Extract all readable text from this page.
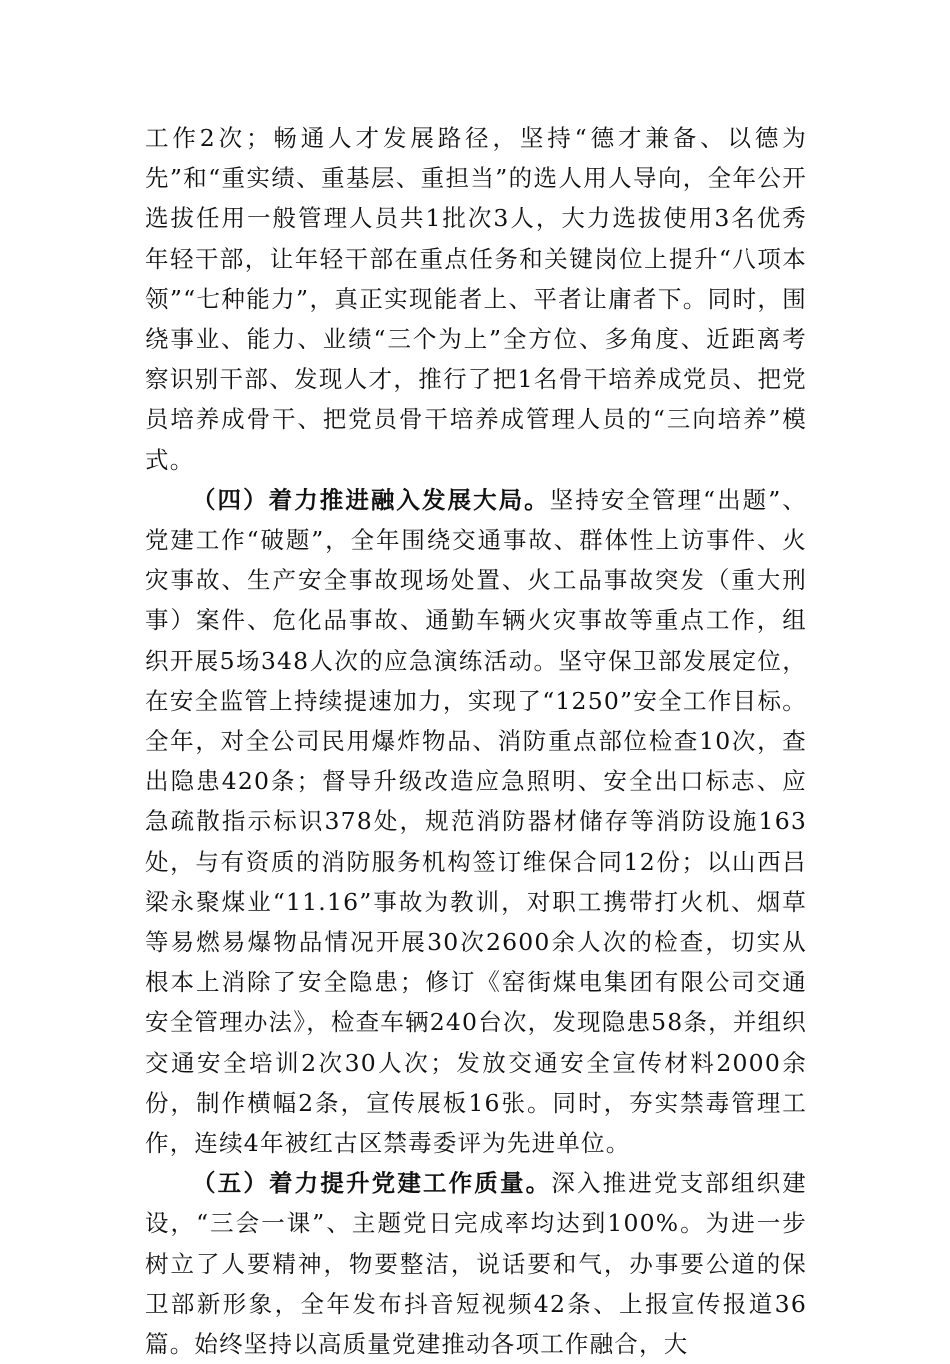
工作2次；畅通人才发展路径，坚持“德才兼备、以德为先”和“重实绩、重基层、重担当”的选人用人导向，全年公开选拔任用一般管理人员共1批次3人，大力选拔使用3名优秀年轻干部，让年轻干部在重点任务和关键岗位上提升“八项本领”“七种能力”，真正实现能者上、平者让庸者下。同时，围绕事业、能力、业绩“三个为上”全方位、多角度、近距离考察识别干部、发现人才，推行了把1名骨干培养成党员、把党员培养成骨干、把党员骨干培养成管理人员的“三向培养”模式。

（四）着力推进融入发展大局。坚持安全管理“出题”、党建工作“破题”，全年围绕交通事故、群体性上访事件、火灾事故、生产安全事故现场处置、火工品事故突发（重大刑事）案件、危化品事故、通勤车辆火灾事故等重点工作，组织开展5场348人次的应急演练活动。坚守保卫部发展定位，在安全监管上持续提速加力，实现了“1250”安全工作目标。全年，对全公司民用爆炸物品、消防重点部位检查10次，查出隐患420条；督导升级改造应急照明、安全出口标志、应急疏散指示标识378处，规范消防器材储存等消防设施163处，与有资质的消防服务机构签订维保合同12份；以山西吕梁永聚煤业“11.16”事故为教训，对职工携带打火机、烟草等易燃易爆物品情况开展30次2600余人次的检查，切实从根本上消除了安全隐患；修订《窑街煤电集团有限公司交通安全管理办法》，检查车辆240台次，发现隐患58条，并组织交通安全培训2次30人次；发放交通安全宣传材料2000余份，制作横幅2条，宣传展板16张。同时，夯实禁毒管理工作，连续4年被红古区禁毒委评为先进单位。

（五）着力提升党建工作质量。深入推进党支部组织建设，“三会一课”、主题党日完成率均达到100%。为进一步树立了人要精神，物要整洁，说话要和气，办事要公道的保卫部新形象，全年发布抖音短视频42条、上报宣传报道36篇。始终坚持以高质量党建推动各项工作融合，大
